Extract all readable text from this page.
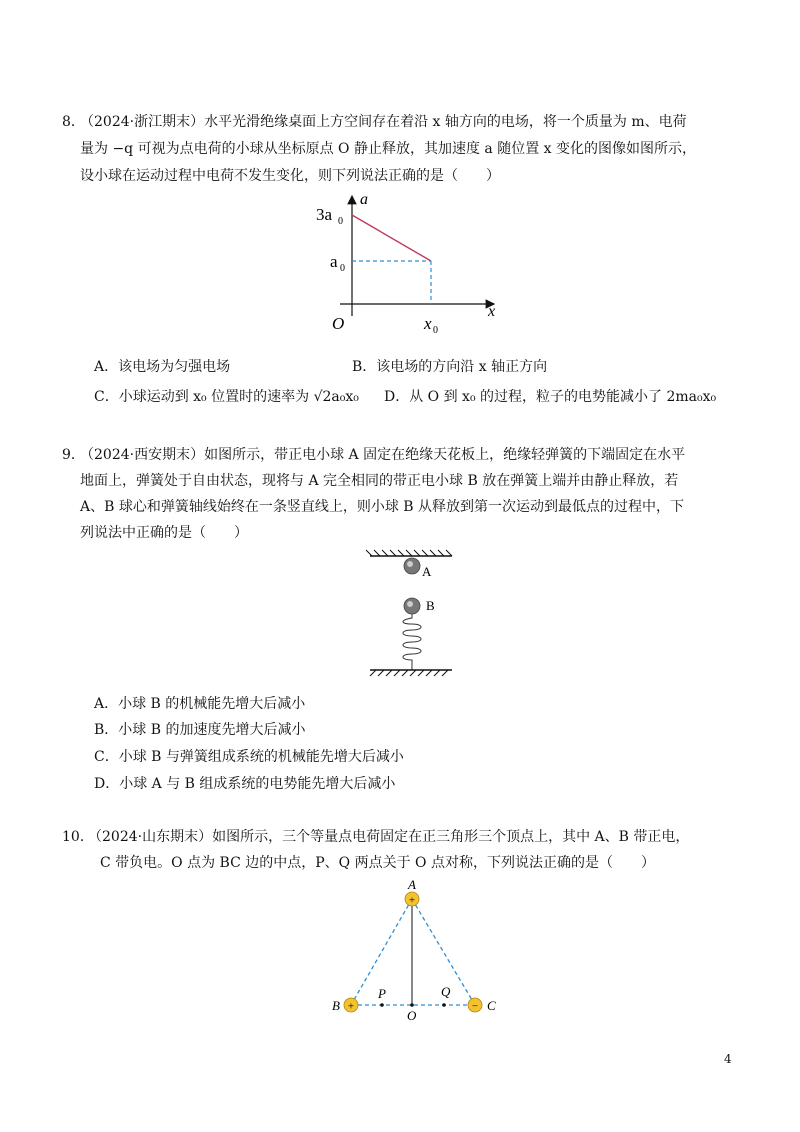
8．
（2024·浙江期末）水平光滑绝缘桌面上方空间存在着沿 x 轴方向的电场，将一个质量为 m、电荷
量为 −q 可视为点电荷的小球从坐标原点 O 静止释放，其加速度 a 随位置 x 变化的图像如图所示，
设小球在运动过程中电荷不发生变化，则下列说法正确的是（　　）
a
x
3a 0
a 0
x 0
O
A．该电场为匀强电场	B．该电场的方向沿 x 轴正方向
C．小球运动到 x₀ 位置时的速率为 √2a₀x₀ D．从 O 到 x₀ 的过程，粒子的电势能减小了 2ma₀x₀
9．
（2024·西安期末）如图所示，带正电小球 A 固定在绝缘天花板上，绝缘轻弹簧的下端固定在水平
地面上，弹簧处于自由状态，现将与 A 完全相同的带正电小球 B 放在弹簧上端并由静止释放，若
A、B 球心和弹簧轴线始终在一条竖直线上，则小球 B 从释放到第一次运动到最低点的过程中，下
列说法中正确的是（　　）
A
B
A．小球 B 的机械能先增大后减小
B．小球 B 的加速度先增大后减小
C．小球 B 与弹簧组成系统的机械能先增大后减小
D．小球 A 与 B 组成系统的电势能先增大后减小
10．
（2024·山东期末）如图所示，三个等量点电荷固定在正三角形三个顶点上，其中 A、B 带正电，
C 带负电。O 点为 BC 边的中点，P、Q 两点关于 O 点对称，下列说法正确的是（　　）
+
+	−
A
B	C
P	Q
O
4
